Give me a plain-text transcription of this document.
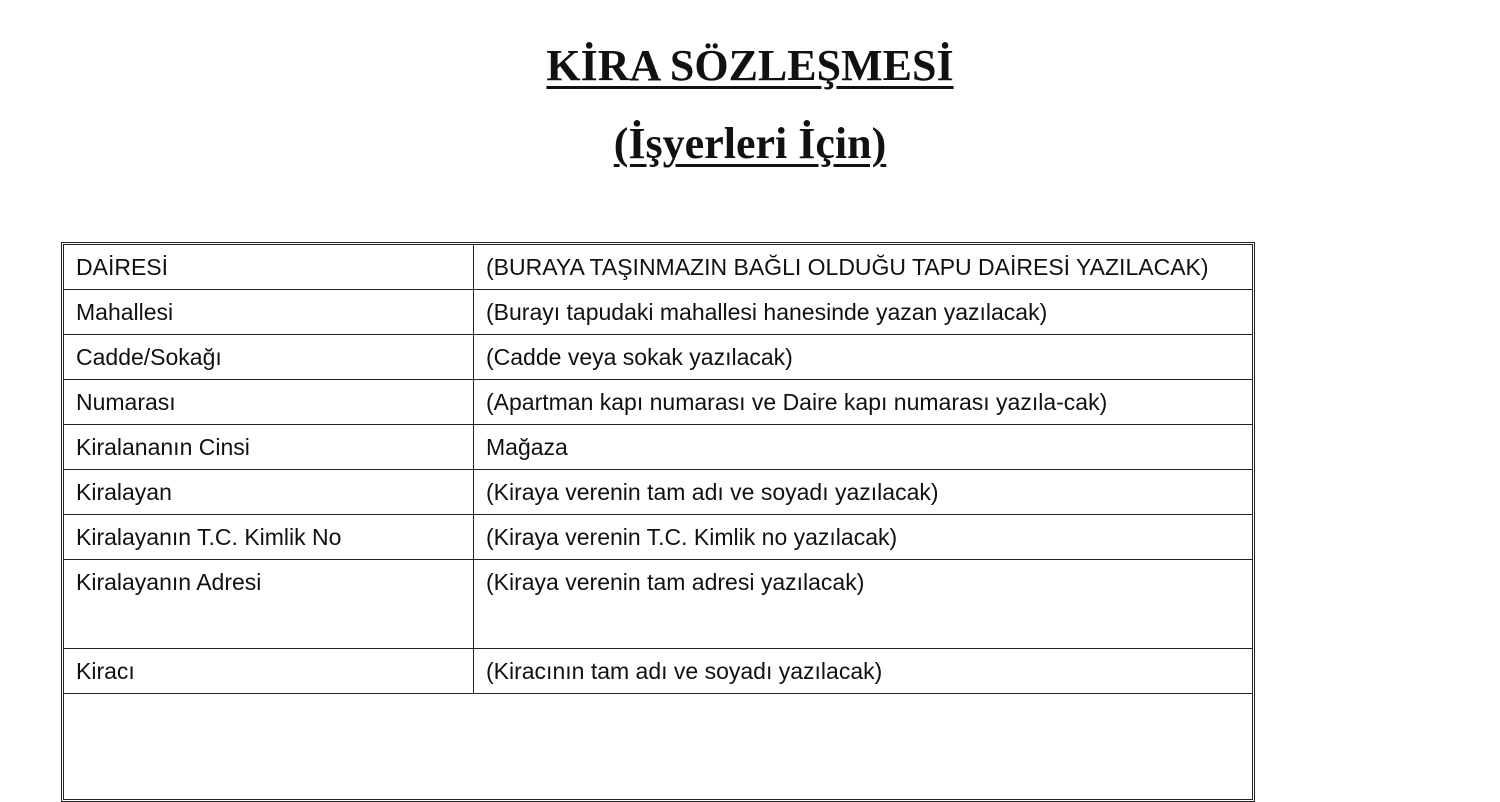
KİRA SÖZLEŞMESİ
(İşyerleri İçin)
DAİRESİ	(BURAYA TAŞINMAZIN BAĞLI OLDUĞU TAPU DAİRESİ YAZILACAK)
Mahallesi	(Burayı tapudaki mahallesi hanesinde yazan yazılacak)
Cadde/Sokağı	(Cadde veya sokak yazılacak)
Numarası	(Apartman kapı numarası ve Daire kapı numarası yazıla-cak)
Kiralananın Cinsi	Mağaza
Kiralayan	(Kiraya verenin tam adı ve soyadı yazılacak)
Kiralayanın T.C. Kimlik No	(Kiraya verenin T.C. Kimlik no yazılacak)
Kiralayanın Adresi	(Kiraya verenin tam adresi yazılacak)
Kiracı	(Kiracının tam adı ve soyadı yazılacak)
